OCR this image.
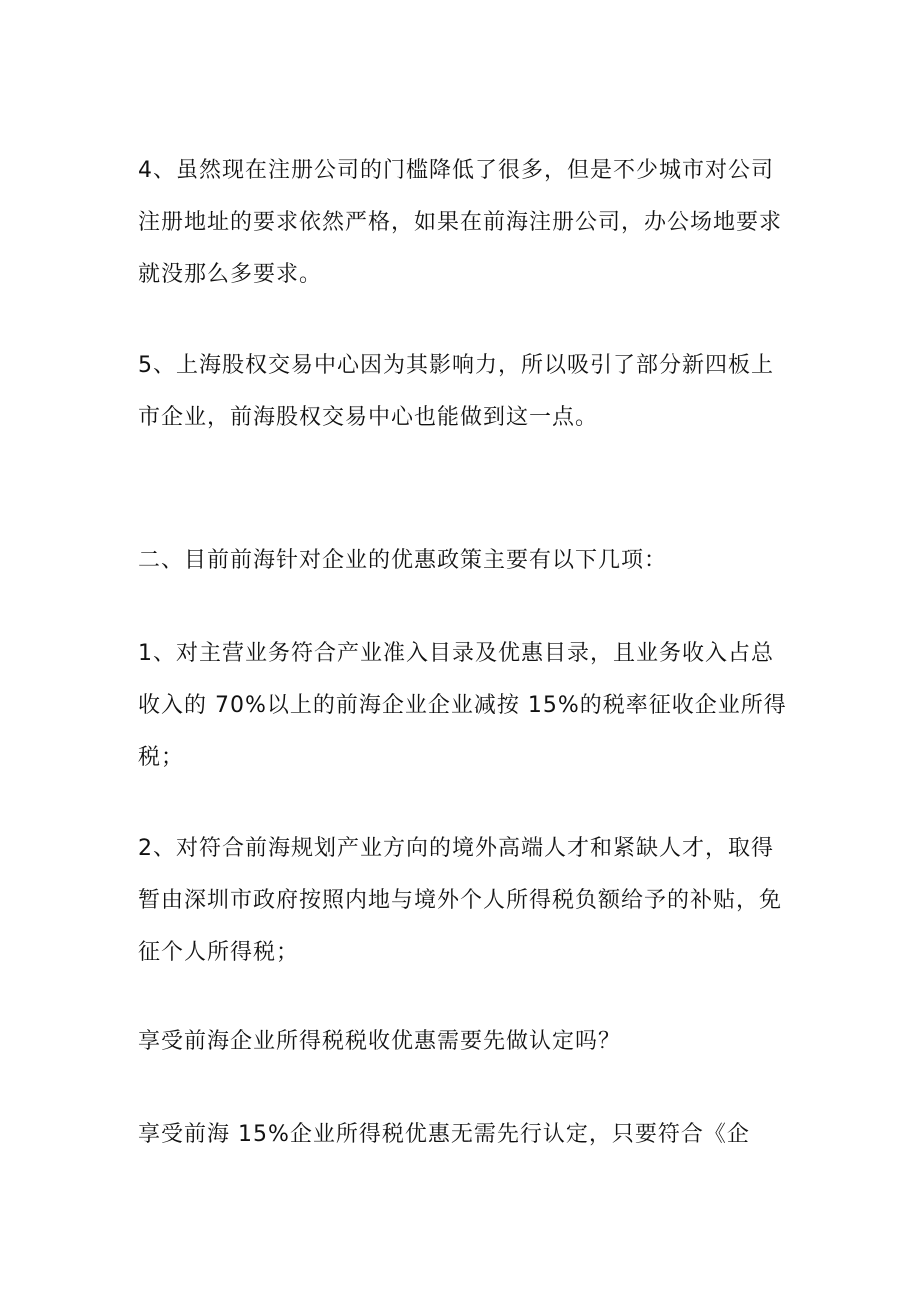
4、虽然现在注册公司的门槛降低了很多，但是不少城市对公司注册地址的要求依然严格，如果在前海注册公司，办公场地要求就没那么多要求。

5、上海股权交易中心因为其影响力，所以吸引了部分新四板上市企业，前海股权交易中心也能做到这一点。

二、目前前海针对企业的优惠政策主要有以下几项：

1、对主营业务符合产业准入目录及优惠目录，且业务收入占总收入的 70%以上的前海企业企业减按 15%的税率征收企业所得税；

2、对符合前海规划产业方向的境外高端人才和紧缺人才，取得暂由深圳市政府按照内地与境外个人所得税负额给予的补贴，免征个人所得税；

享受前海企业所得税税收优惠需要先做认定吗？

享受前海 15%企业所得税优惠无需先行认定，只要符合《企
